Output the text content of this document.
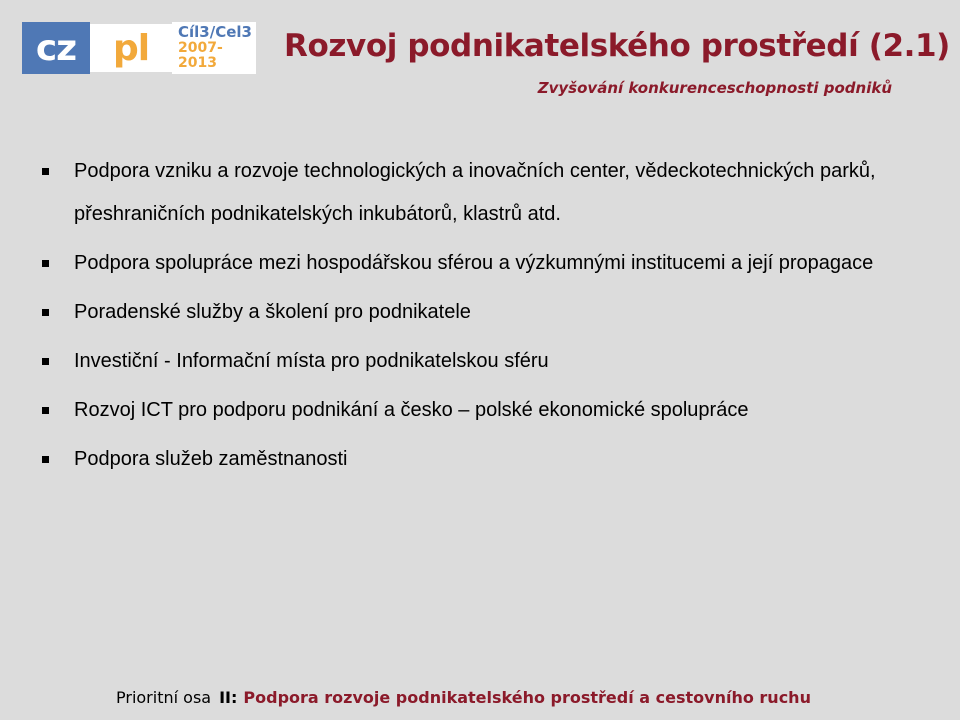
cz	pl	Cíl3/Cel3
2007-2013	Rozvoj podnikatelského prostředí (2.1)
Zvyšování konkurenceschopnosti podniků
Podpora vzniku a rozvoje technologických a inovačních center, vědeckotechnických parků, přeshraničních podnikatelských inkubátorů, klastrů atd.
Podpora spolupráce mezi hospodářskou sférou a výzkumnými institucemi a její propagace
Poradenské služby a školení pro podnikatele
Investiční - Informační místa pro podnikatelskou sféru
Rozvoj ICT pro podporu podnikání a česko – polské ekonomické spolupráce
Podpora služeb zaměstnanosti
Prioritní osa II: Podpora rozvoje podnikatelského prostředí a cestovního ruchu
